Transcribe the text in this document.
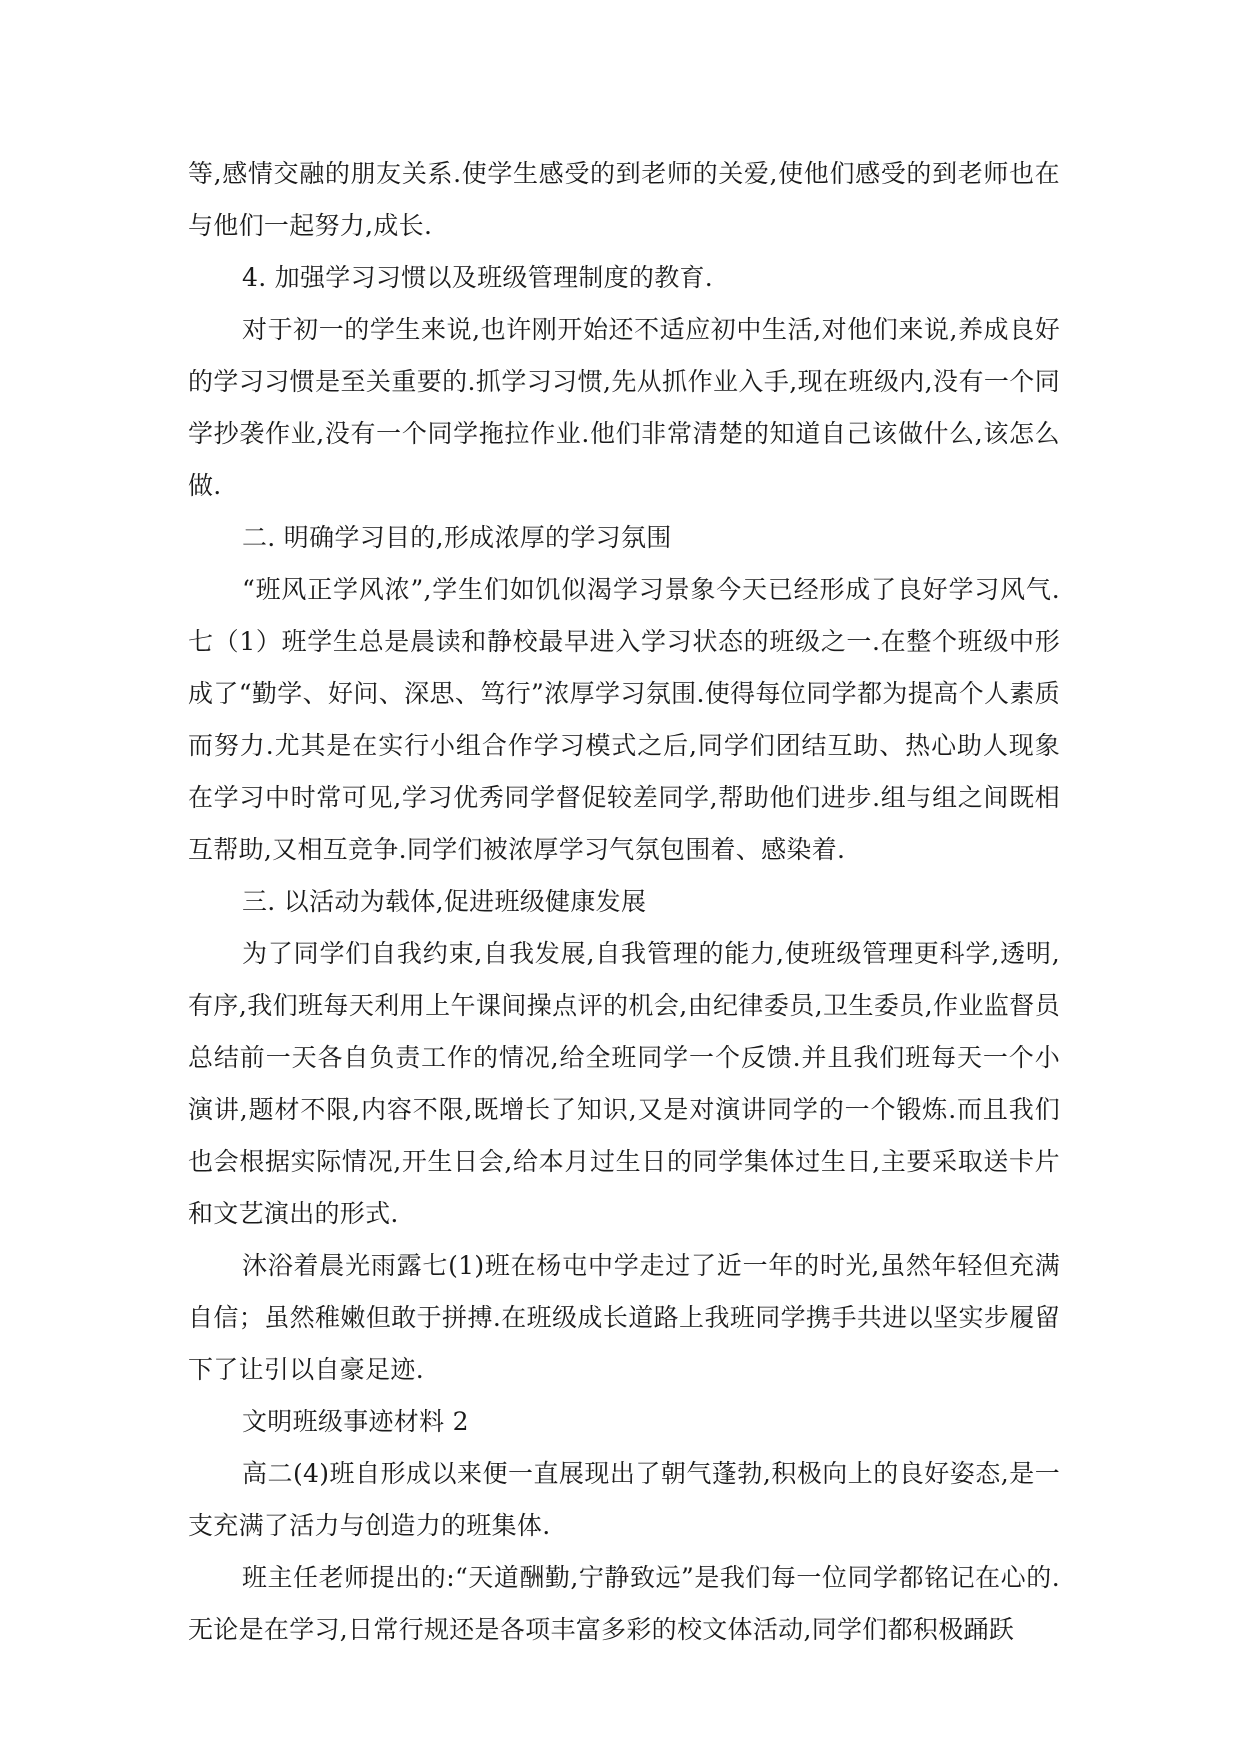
等,感情交融的朋友关系.使学生感受的到老师的关爱,使他们感受的到老师也在与他们一起努力,成长.

4. 加强学习习惯以及班级管理制度的教育.

对于初一的学生来说,也许刚开始还不适应初中生活,对他们来说,养成良好的学习习惯是至关重要的.抓学习习惯,先从抓作业入手,现在班级内,没有一个同学抄袭作业,没有一个同学拖拉作业.他们非常清楚的知道自己该做什么,该怎么做.

二. 明确学习目的,形成浓厚的学习氛围

“班风正学风浓”,学生们如饥似渴学习景象今天已经形成了良好学习风气.七（1）班学生总是晨读和静校最早进入学习状态的班级之一.在整个班级中形成了“勤学、好问、深思、笃行”浓厚学习氛围.使得每位同学都为提高个人素质而努力.尤其是在实行小组合作学习模式之后,同学们团结互助、热心助人现象在学习中时常可见,学习优秀同学督促较差同学,帮助他们进步.组与组之间既相互帮助,又相互竞争.同学们被浓厚学习气氛包围着、感染着.

三. 以活动为载体,促进班级健康发展

为了同学们自我约束,自我发展,自我管理的能力,使班级管理更科学,透明,有序,我们班每天利用上午课间操点评的机会,由纪律委员,卫生委员,作业监督员总结前一天各自负责工作的情况,给全班同学一个反馈.并且我们班每天一个小演讲,题材不限,内容不限,既增长了知识,又是对演讲同学的一个锻炼.而且我们也会根据实际情况,开生日会,给本月过生日的同学集体过生日,主要采取送卡片和文艺演出的形式.

沐浴着晨光雨露七(1)班在杨屯中学走过了近一年的时光,虽然年轻但充满自信；虽然稚嫩但敢于拼搏.在班级成长道路上我班同学携手共进以坚实步履留下了让引以自豪足迹.

文明班级事迹材料 2

高二(4)班自形成以来便一直展现出了朝气蓬勃,积极向上的良好姿态,是一支充满了活力与创造力的班集体.

班主任老师提出的:“天道酬勤,宁静致远”是我们每一位同学都铭记在心的.无论是在学习,日常行规还是各项丰富多彩的校文体活动,同学们都积极踊跃
